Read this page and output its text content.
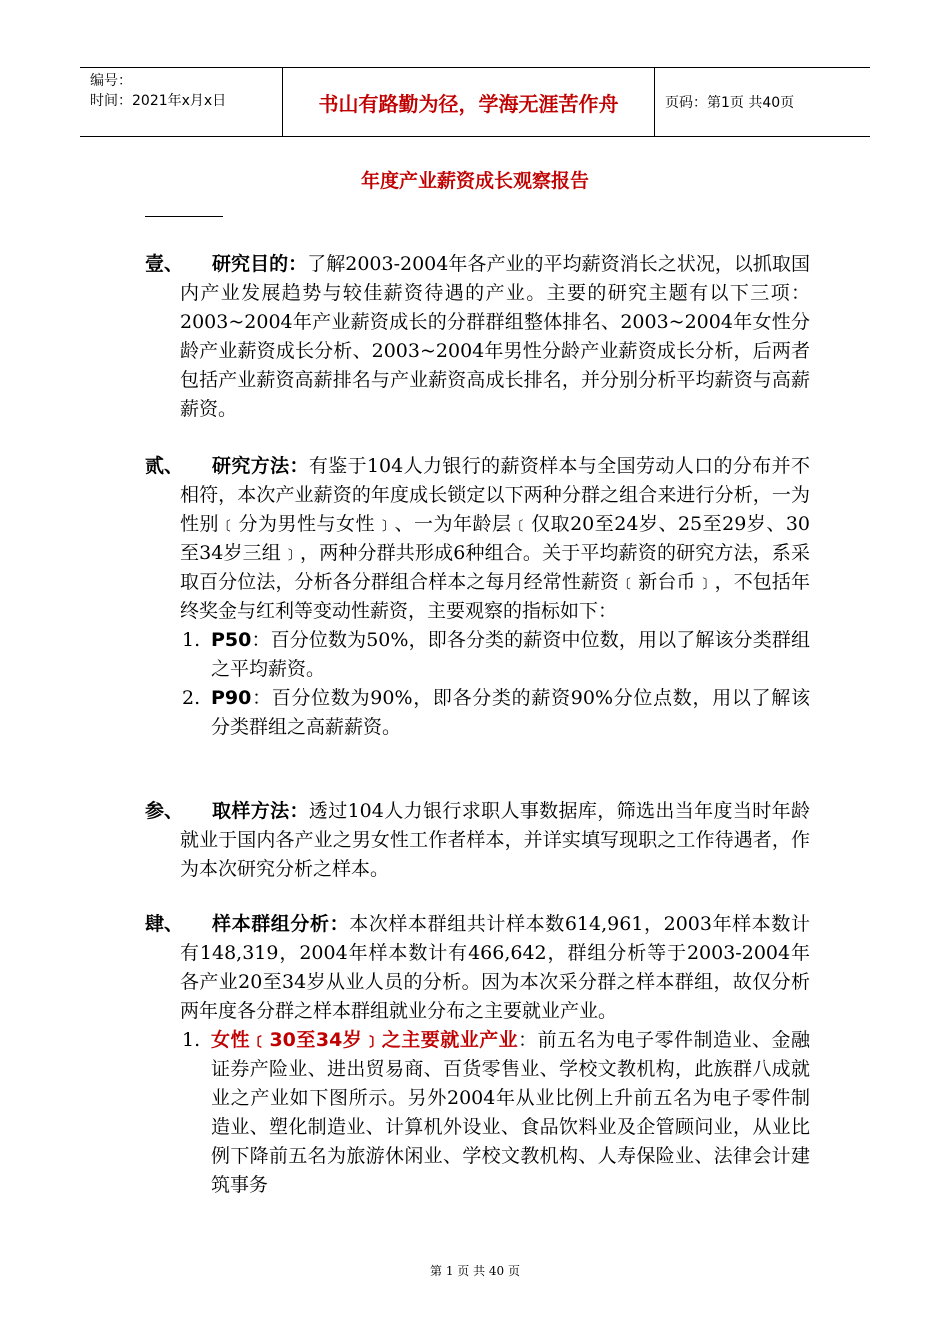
编号：
时间：2021年x月x日	书山有路勤为径，学海无涯苦作舟	页码：第1页 共40页
年度产业薪资成长观察报告
壹、	研究目的：了解2003-2004年各产业的平均薪资消长之状况，以抓取国内产业发展趋势与较佳薪资待遇的产业。主要的研究主题有以下三项：2003~2004年产业薪资成长的分群群组整体排名、2003~2004年女性分龄产业薪资成长分析、2003~2004年男性分龄产业薪资成长分析，后两者包括产业薪资高薪排名与产业薪资高成长排名，并分别分析平均薪资与高薪薪资。

贰、	研究方法：有鉴于104人力银行的薪资样本与全国劳动人口的分布并不相符，本次产业薪资的年度成长锁定以下两种分群之组合来进行分析，一为性别﹝分为男性与女性﹞、一为年龄层﹝仅取20至24岁、25至29岁、30至34岁三组﹞，两种分群共形成6种组合。关于平均薪资的研究方法，系采取百分位法，分析各分群组合样本之每月经常性薪资﹝新台币﹞，不包括年终奖金与红利等变动性薪资，主要观察的指标如下：

1. P50：百分位数为50%，即各分类的薪资中位数，用以了解该分类群组之平均薪资。
2. P90：百分位数为90%，即各分类的薪资90%分位点数，用以了解该分类群组之高薪薪资。
参、	取样方法：透过104人力银行求职人事数据库，筛选出当年度当时年龄就业于国内各产业之男女性工作者样本，并详实填写现职之工作待遇者，作为本次研究分析之样本。

肆、	样本群组分析：本次样本群组共计样本数614,961，2003年样本数计有148,319，2004年样本数计有466,642，群组分析等于2003-2004年各产业20至34岁从业人员的分析。因为本次采分群之样本群组，故仅分析两年度各分群之样本群组就业分布之主要就业产业。

1. 女性﹝30至34岁﹞之主要就业产业：前五名为电子零件制造业、金融证券产险业、进出贸易商、百货零售业、学校文教机构，此族群八成就业之产业如下图所示。另外2004年从业比例上升前五名为电子零件制造业、塑化制造业、计算机外设业、食品饮料业及企管顾问业，从业比例下降前五名为旅游休闲业、学校文教机构、人寿保险业、法律会计建筑事务
第 1 页 共 40 页
